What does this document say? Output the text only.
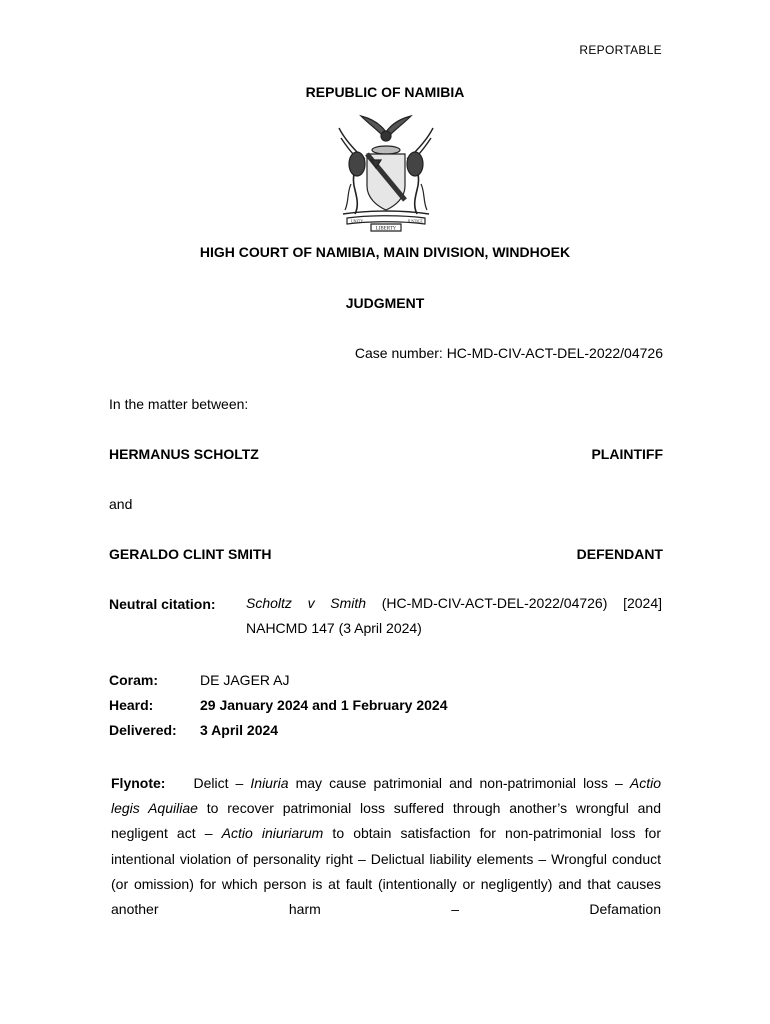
REPORTABLE
REPUBLIC OF NAMIBIA
LIBERTY
UNITY	JUSTICE
HIGH COURT OF NAMIBIA, MAIN DIVISION, WINDHOEK
JUDGMENT
Case number: HC-MD-CIV-ACT-DEL-2022/04726
In the matter between:
HERMANUS SCHOLTZ	PLAINTIFF
and
GERALDO CLINT SMITH	DEFENDANT
Neutral citation: Scholtz v Smith (HC-MD-CIV-ACT-DEL-2022/04726) [2024]
NAHCMD 147 (3 April 2024)
Coram:	DE JAGER AJ
Heard:	29 January 2024 and 1 February 2024
Delivered: 3 April 2024
Flynote: Delict – Iniuria may cause patrimonial and non-patrimonial loss – Actio legis Aquiliae to recover patrimonial loss suffered through another’s wrongful and negligent act – Actio iniuriarum to obtain satisfaction for non-patrimonial loss for intentional violation of personality right – Delictual liability elements – Wrongful conduct (or omission) for which person is at fault (intentionally or negligently) and that causes another harm – Defamation
